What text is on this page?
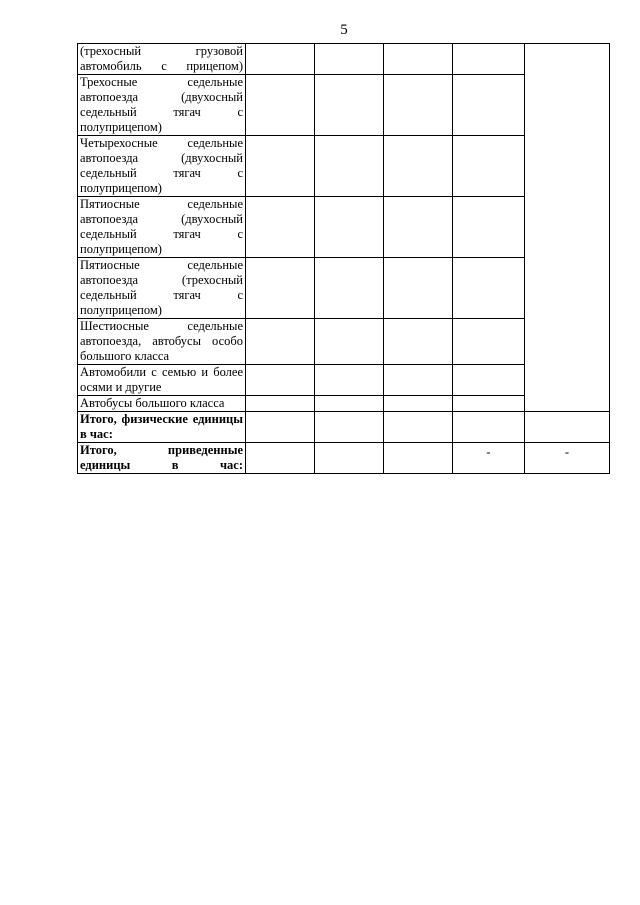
5
(трехосный грузовой автомобиль с прицепом)					
Трехосные седельные автопоезда (двухосный седельный тягач с полуприцепом)					
Четырехосные седельные автопоезда (двухосный седельный тягач с полуприцепом)					
Пятиосные седельные автопоезда (двухосный седельный тягач с полуприцепом)					
Пятиосные седельные автопоезда (трехосный седельный тягач с полуприцепом)					
Шестиосные седельные автопоезда, автобусы особо большого класса					
Автомобили с семью и более осями и другие					
Автобусы большого класса					
Итого, физические единицы в час:					
Итого, приведенные единицы в час:				-	-
